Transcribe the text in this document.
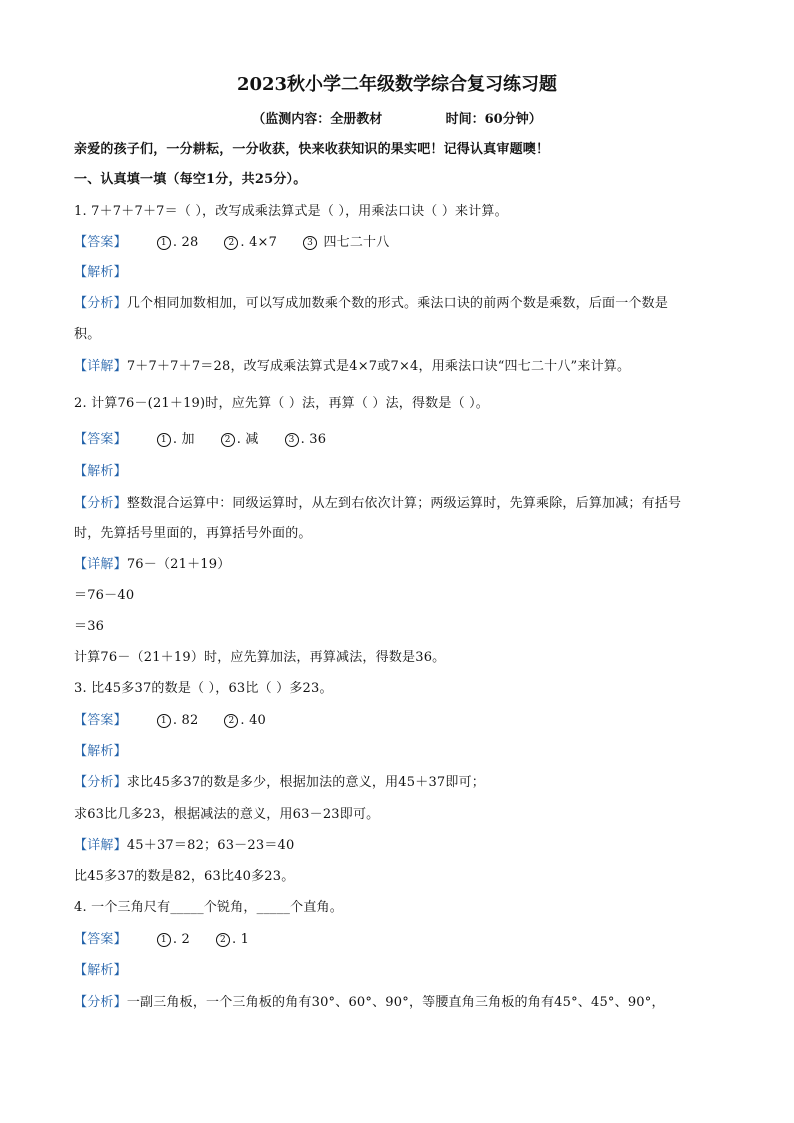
2023秋小学二年级数学综合复习练习题
（监测内容：全册教材              时间：60分钟）
亲爱的孩子们，一分耕耘，一分收获，快来收获知识的果实吧！记得认真审题噢！
一、认真填一填（每空1分，共25分）。
1. 7＋7＋7＋7＝（ ），改写成乘法算式是（ ），用乘法口诀（ ）来计算。
【答案】	1 . 28	2 . 4×7	3 四七二十八
【解析】
【分析】几个相同加数相加，可以写成加数乘个数的形式。乘法口诀的前两个数是乘数，后面一个数是
积。
【详解】7＋7＋7＋7＝28，改写成乘法算式是4×7或7×4，用乘法口诀“四七二十八”来计算。
2. 计算76－(21＋19)时，应先算（ ）法，再算（ ）法，得数是（ ）。
【答案】	1 . 加	2 . 减	3 . 36
【解析】
【分析】整数混合运算中：同级运算时，从左到右依次计算；两级运算时，先算乘除，后算加减；有括号
时，先算括号里面的，再算括号外面的。
【详解】76－（21＋19）
＝76－40
＝36
计算76－（21＋19）时，应先算加法，再算减法，得数是36。
3. 比45多37的数是（ ），63比（ ）多23。
【答案】	1 . 82	2 . 40
【解析】
【分析】求比45多37的数是多少，根据加法的意义，用45＋37即可；
求63比几多23，根据减法的意义，用63－23即可。
【详解】45＋37＝82；63－23＝40
比45多37的数是82，63比40多23。
4. 一个三角尺有_____个锐角，_____个直角。
【答案】	1 . 2	2 . 1
【解析】
【分析】一副三角板，一个三角板的角有30°、60°、90°，等腰直角三角板的角有45°、45°、90°，
